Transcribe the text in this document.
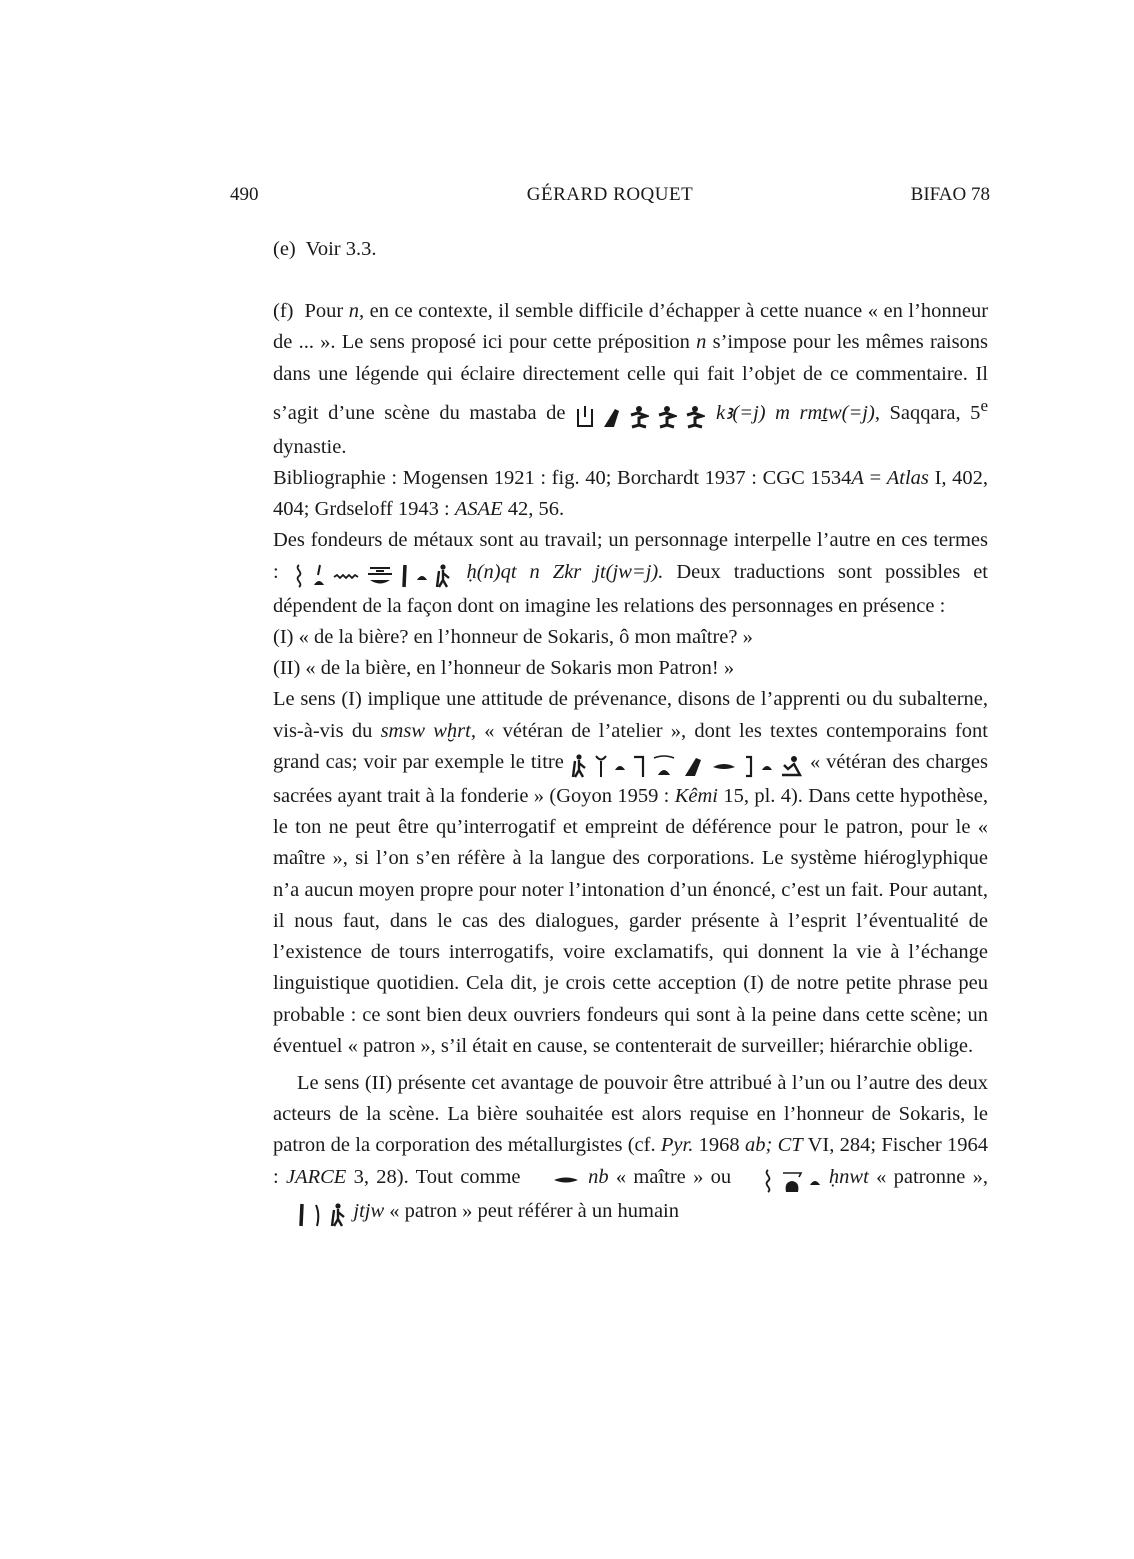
490	GÉRARD ROQUET	BIFAO 78

(e) Voir 3.3.

(f) Pour n, en ce contexte, il semble difficile d’échapper à cette nuance « en l’honneur de ... ». Le sens proposé ici pour cette préposition n s’impose pour les mêmes raisons dans une légende qui éclaire directement celle qui fait l’objet de ce commentaire. Il s’agit d’une scène du mastaba de	kꜣ(=j) m rmṯw(=j), Saqqara, 5e dynastie.

Bibliographie : Mogensen 1921 : fig. 40; Borchardt 1937 : CGC 1534A = Atlas I, 402, 404; Grdseloff 1943 : ASAE 42, 56.

Des fondeurs de métaux sont au travail; un personnage interpelle l’autre en ces termes :	ḥ(n)qt n Zkr jt(jw=j). Deux traductions sont possibles et dépendent de la façon dont on imagine les relations des personnages en présence :

(I) « de la bière? en l’honneur de Sokaris, ô mon maître? »

(II) « de la bière, en l’honneur de Sokaris mon Patron! »

Le sens (I) implique une attitude de prévenance, disons de l’apprenti ou du subalterne, vis-à-vis du smsw wḫrt, « vétéran de l’atelier », dont les textes contemporains font grand cas; voir par exemple le titre	« vétéran des charges sacrées ayant trait à la fonderie » (Goyon 1959 : Kêmi 15, pl. 4). Dans cette hypothèse, le ton ne peut être qu’interrogatif et empreint de déférence pour le patron, pour le « maître », si l’on s’en réfère à la langue des corporations. Le système hiéroglyphique n’a aucun moyen propre pour noter l’intonation d’un énoncé, c’est un fait. Pour autant, il nous faut, dans le cas des dialogues, garder présente à l’esprit l’éventualité de l’existence de tours interrogatifs, voire exclamatifs, qui donnent la vie à l’échange linguistique quotidien. Cela dit, je crois cette acception (I) de notre petite phrase peu probable : ce sont bien deux ouvriers fondeurs qui sont à la peine dans cette scène; un éventuel « patron », s’il était en cause, se contenterait de surveiller; hiérarchie oblige.

Le sens (II) présente cet avantage de pouvoir être attribué à l’un ou l’autre des deux acteurs de la scène. La bière souhaitée est alors requise en l’honneur de Sokaris, le patron de la corporation des métallurgistes (cf. Pyr. 1968 ab; CT VI, 284; Fischer 1964 : JARCE 3, 28). Tout comme	nb « maître » ou	ḥnwt « patronne »,    jtjw « patron » peut référer à un humain
